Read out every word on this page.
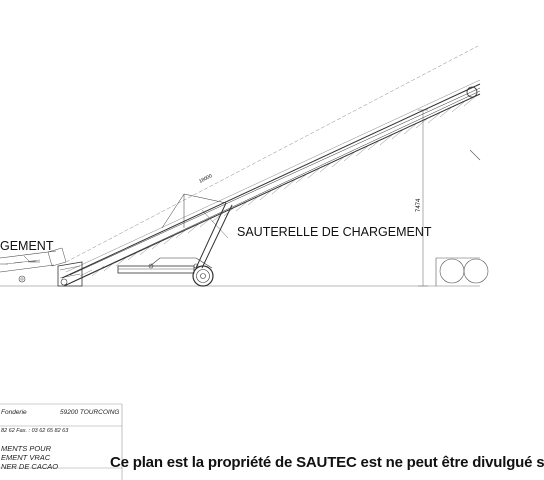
18000
7474
SAUTERELLE DE CHARGEMENT
GEMENT
Fonderie	59200 TOURCOING
82 62 Fax. : 03 62 65 82 63
MENTS POUR
EMENT VRAC
NER DE CACAO	Ce plan est la propriété de SAUTEC est ne peut être divulgué s
